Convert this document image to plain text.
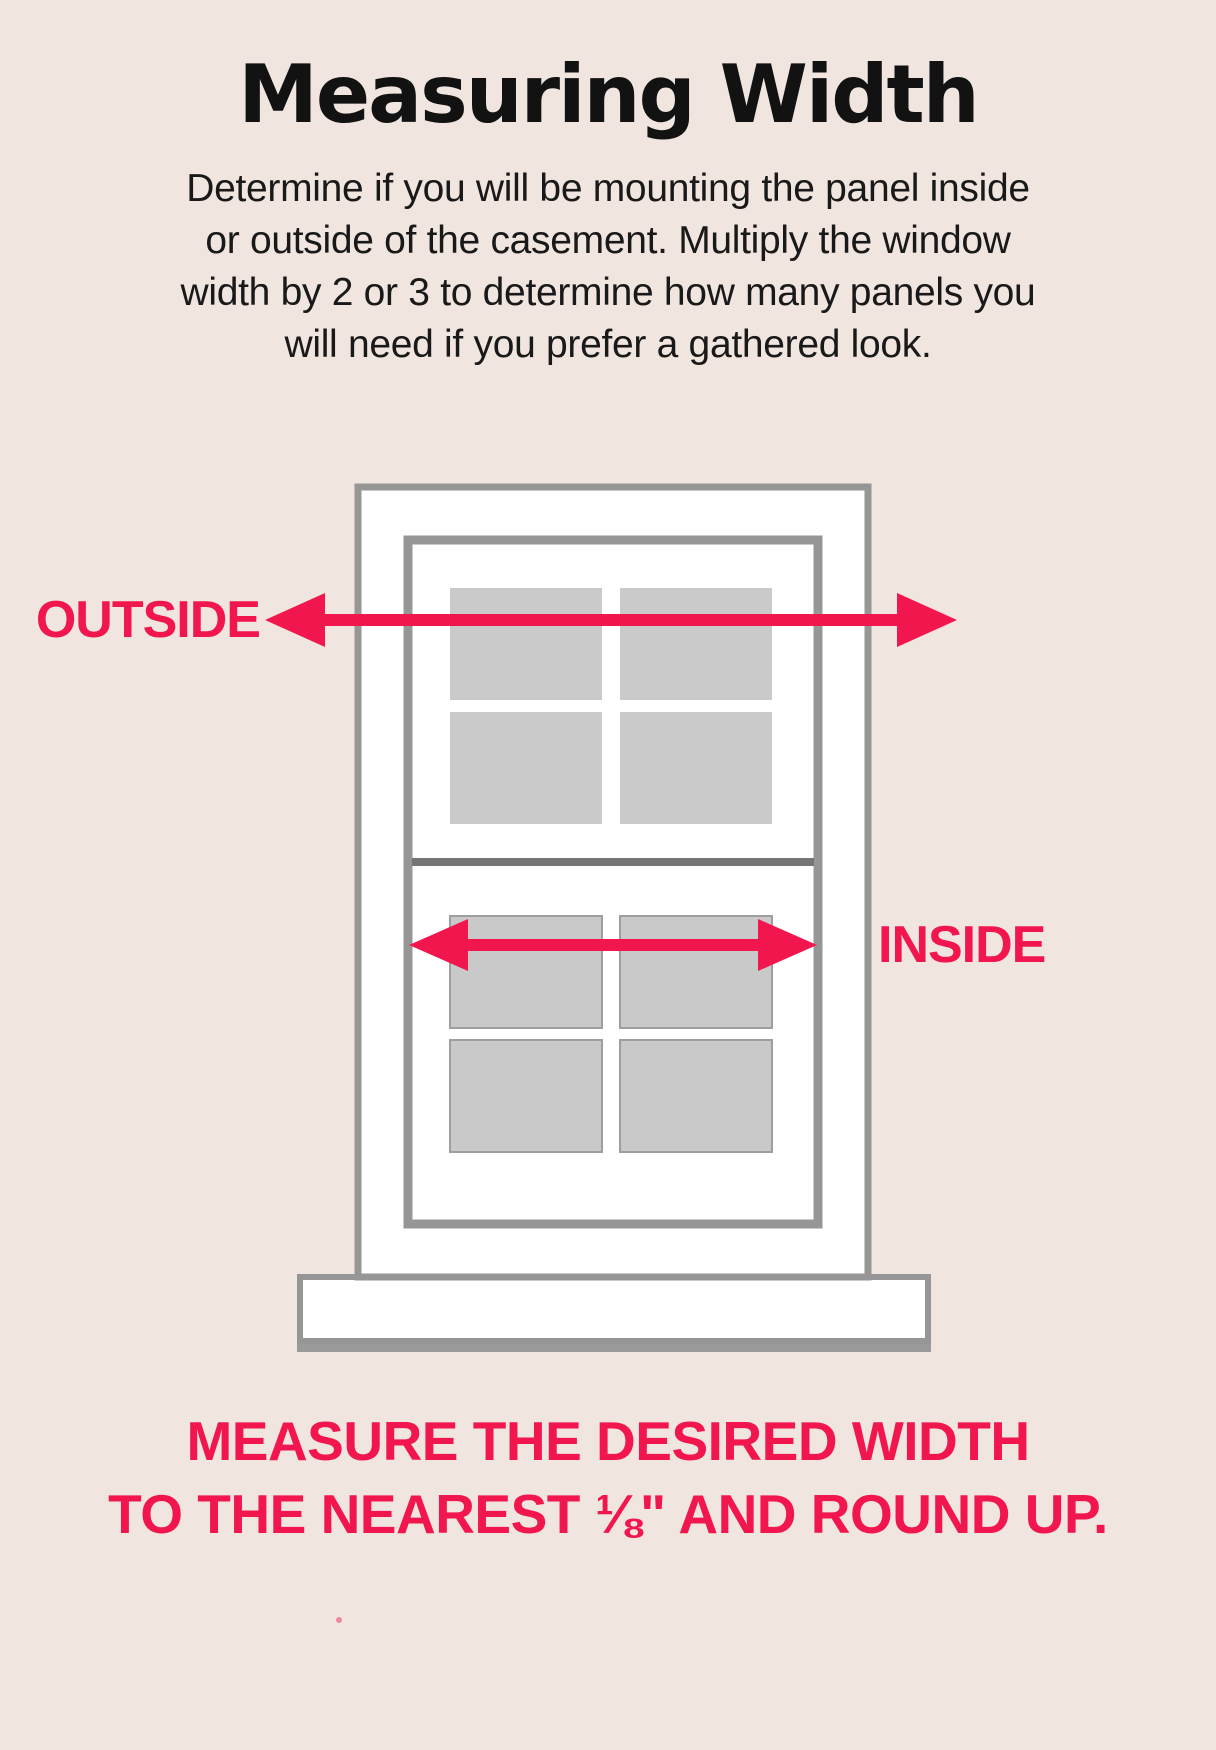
Measuring Width
Determine if you will be mounting the panel inside
or outside of the casement. Multiply the window
width by 2 or 3 to determine how many panels you
will need if you prefer a gathered look.
OUTSIDE
INSIDE
MEASURE THE DESIRED WIDTH
TO THE NEAREST ⅛" AND ROUND UP.
